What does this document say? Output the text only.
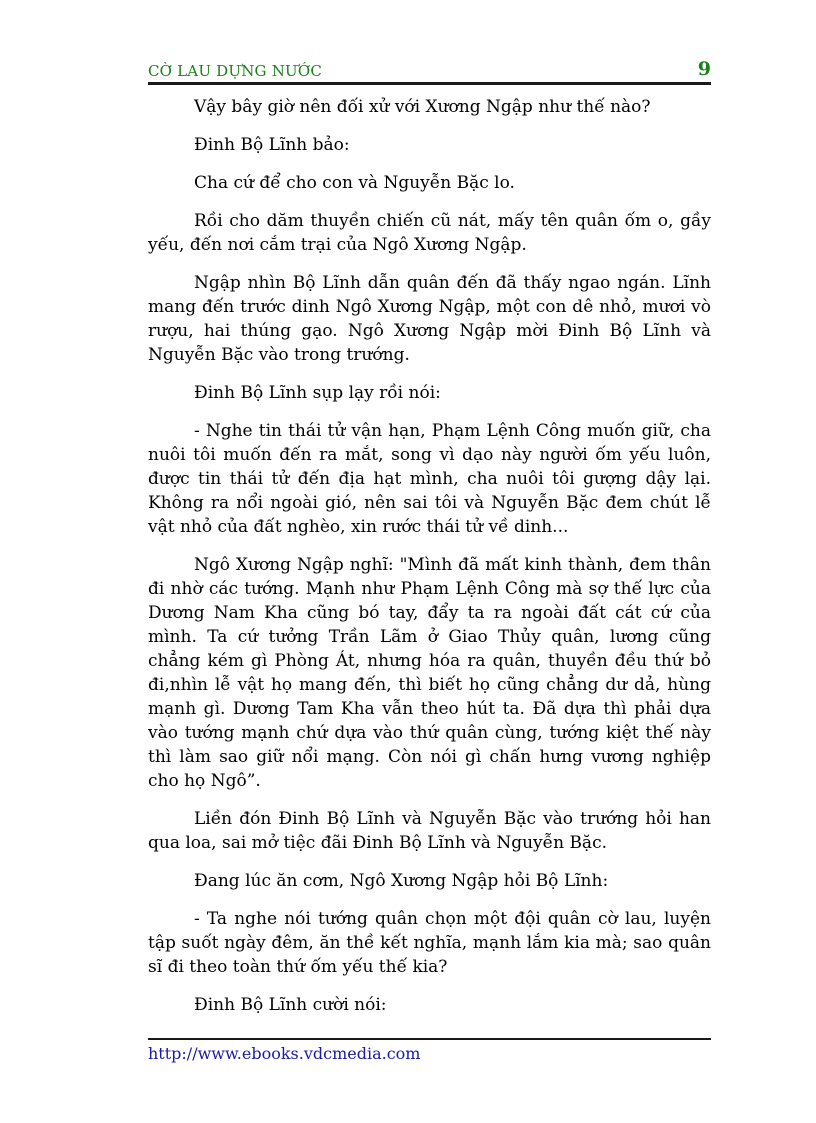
CỜ LAU DỰNG NƯỚC	9

Vậy bây giờ nên đối xử với Xương Ngập như thế nào?

Đinh Bộ Lĩnh bảo:

Cha cứ để cho con và Nguyễn Bặc lo.

Rồi cho dăm thuyền chiến cũ nát, mấy tên quân ốm o, gầy yếu, đến nơi cắm trại của Ngô Xương Ngập.

Ngập nhìn Bộ Lĩnh dẫn quân đến đã thấy ngao ngán. Lĩnh mang đến trước dinh Ngô Xương Ngập, một con dê nhỏ, mươi vò rượu, hai thúng gạo. Ngô Xương Ngập mời Đinh Bộ Lĩnh và Nguyễn Bặc vào trong trướng.

Đinh Bộ Lĩnh sụp lạy rồi nói:

- Nghe tin thái tử vận hạn, Phạm Lệnh Công muốn giữ, cha nuôi tôi muốn đến ra mắt, song vì dạo này người ốm yếu luôn, được tin thái tử đến địa hạt mình, cha nuôi tôi gượng dậy lại. Không ra nổi ngoài gió, nên sai tôi và Nguyễn Bặc đem chút lễ vật nhỏ của đất nghèo, xin rước thái tử về dinh...

Ngô Xương Ngập nghĩ: "Mình đã mất kinh thành, đem thân đi nhờ các tướng. Mạnh như Phạm Lệnh Công mà sợ thế lực của Dương Nam Kha cũng bó tay, đẩy ta ra ngoài đất cát cứ của mình. Ta cứ tưởng Trần Lãm ở Giao Thủy quân, lương cũng chẳng kém gì Phòng Át, nhưng hóa ra quân, thuyền đều thứ bỏ đi,nhìn lễ vật họ mang đến, thì biết họ cũng chẳng dư dả, hùng mạnh gì. Dương Tam Kha vẫn theo hút ta. Đã dựa thì phải dựa vào tướng mạnh chứ dựa vào thứ quân cùng, tướng kiệt thế này thì làm sao giữ nổi mạng. Còn nói gì chấn hưng vương nghiệp cho họ Ngô”.

Liền đón Đinh Bộ Lĩnh và Nguyễn Bặc vào trướng hỏi han qua loa, sai mở tiệc đãi Đinh Bộ Lĩnh và Nguyễn Bặc.

Đang lúc ăn cơm, Ngô Xương Ngập hỏi Bộ Lĩnh:

- Ta nghe nói tướng quân chọn một đội quân cờ lau, luyện tập suốt ngày đêm, ăn thề kết nghĩa, mạnh lắm kia mà; sao quân sĩ đi theo toàn thứ ốm yếu thế kia?

Đinh Bộ Lĩnh cười nói:

http://www.ebooks.vdcmedia.com
